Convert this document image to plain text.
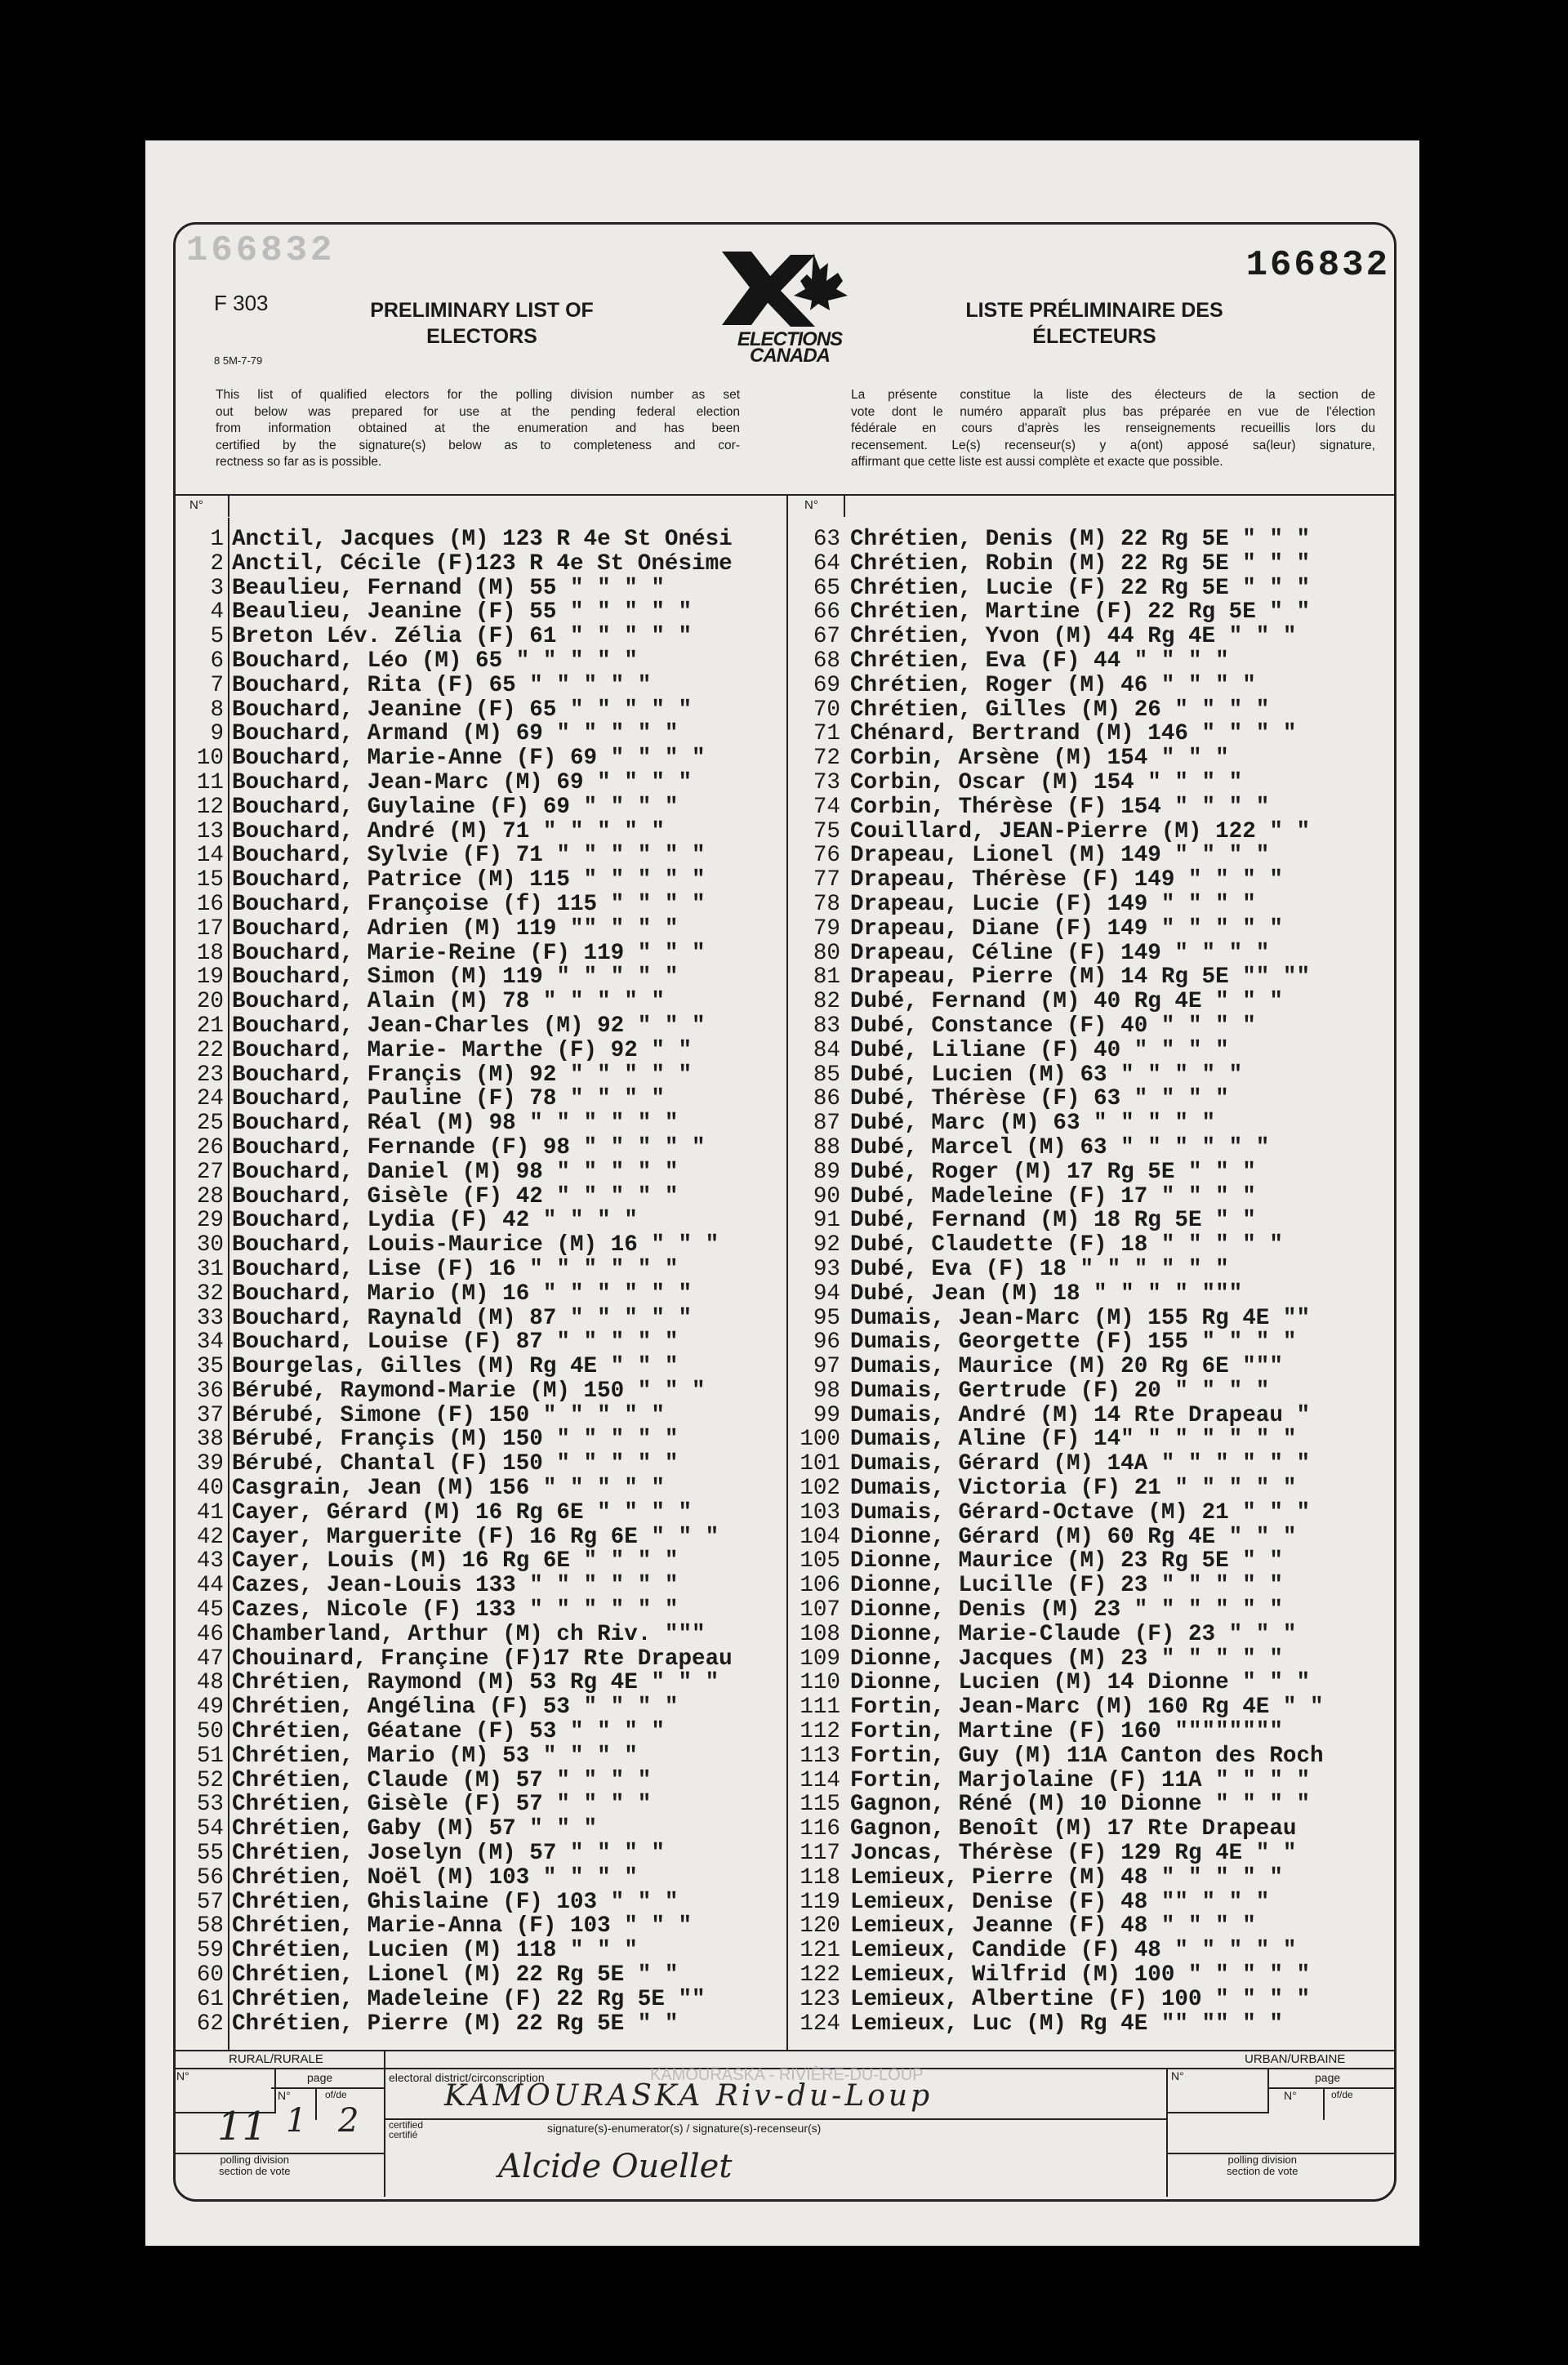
166832	166832
F 303
8 5M-7-79
PRELIMINARY LIST OF
ELECTORS
LISTE PRÉLIMINAIRE DES
ÉLECTEURS
ELECTIONS
CANADA
This list of qualified electors for the polling division number as set
out below was prepared for use at the pending federal election
from information obtained at the enumeration and has been
certified by the signature(s) below as to completeness and cor-
rectness so far as is possible.
La présente constitue la liste des électeurs de la section de
vote dont le numéro apparaît plus bas préparée en vue de l'élection
fédérale en cours d'après les renseignements recueillis lors du
recensement. Le(s) recenseur(s) y a(ont) apposé sa(leur) signature,
affirmant que cette liste est aussi complète et exacte que possible.
N°	N°
1 Anctil, Jacques (M) 123 R 4e St Onési
2 Anctil, Cécile (F)123 R 4e St Onésime
3 Beaulieu, Fernand (M) 55 " " " "
4 Beaulieu, Jeanine (F) 55 " " " " "
5 Breton Lév. Zélia (F) 61 " " " " "
6 Bouchard, Léo (M) 65 " " " " "
7 Bouchard, Rita (F) 65 " " " " "
8 Bouchard, Jeanine (F) 65 " " " " "
9 Bouchard, Armand (M) 69 " " " " "
10 Bouchard, Marie-Anne (F) 69 " " " "
11 Bouchard, Jean-Marc (M) 69 " " " "
12 Bouchard, Guylaine (F) 69 " " " "
13 Bouchard, André (M) 71 " " " " "
14 Bouchard, Sylvie (F) 71 " " " " " "
15 Bouchard, Patrice (M) 115 " " " " "
16 Bouchard, Françoise (f) 115 " " " "
17 Bouchard, Adrien (M) 119 "" " " "
18 Bouchard, Marie-Reine (F) 119 " " "
19 Bouchard, Simon (M) 119 " " " " "
20 Bouchard, Alain (M) 78 " " " " "
21 Bouchard, Jean-Charles (M) 92 " " "
22 Bouchard, Marie- Marthe (F) 92 " "
23 Bouchard, Françis (M) 92 " " " " "
24 Bouchard, Pauline (F) 78 " " " "
25 Bouchard, Réal (M) 98 " " " " " "
26 Bouchard, Fernande (F) 98 " " " " "
27 Bouchard, Daniel (M) 98 " " " " "
28 Bouchard, Gisèle (F) 42 " " " " "
29 Bouchard, Lydia (F) 42 " " " "
30 Bouchard, Louis-Maurice (M) 16 " " "
31 Bouchard, Lise (F) 16 " " " " " "
32 Bouchard, Mario (M) 16 " " " " " "
33 Bouchard, Raynald (M) 87 " " " " "
34 Bouchard, Louise (F) 87 " " " " "
35 Bourgelas, Gilles (M) Rg 4E " " "
36 Bérubé, Raymond-Marie (M) 150 " " "
37 Bérubé, Simone (F) 150 " " " " "
38 Bérubé, Françis (M) 150 " " " " "
39 Bérubé, Chantal (F) 150 " " " " "
40 Casgrain, Jean (M) 156 " " " " "
41 Cayer, Gérard (M) 16 Rg 6E " " " "
42 Cayer, Marguerite (F) 16 Rg 6E " " "
43 Cayer, Louis (M) 16 Rg 6E " " " "
44 Cazes, Jean-Louis 133 " " " " " "
45 Cazes, Nicole (F) 133 " " " " " "
46 Chamberland, Arthur (M) ch Riv. """
47 Chouinard, Françine (F)17 Rte Drapeau
48 Chrétien, Raymond (M) 53 Rg 4E " " "
49 Chrétien, Angélina (F) 53 " " " "
50 Chrétien, Géatane (F) 53 " " " "
51 Chrétien, Mario (M) 53 " " " "
52 Chrétien, Claude (M) 57 " " " "
53 Chrétien, Gisèle (F) 57 " " " "
54 Chrétien, Gaby (M) 57 " " "
55 Chrétien, Joselyn (M) 57 " " " "
56 Chrétien, Noël (M) 103 " " " "
57 Chrétien, Ghislaine (F) 103 " " "
58 Chrétien, Marie-Anna (F) 103 " " "
59 Chrétien, Lucien (M) 118 " " "
60 Chrétien, Lionel (M) 22 Rg 5E " "
61 Chrétien, Madeleine (F) 22 Rg 5E ""
62 Chrétien, Pierre (M) 22 Rg 5E " "
63 Chrétien, Denis (M) 22 Rg 5E " " "
64 Chrétien, Robin (M) 22 Rg 5E " " "
65 Chrétien, Lucie (F) 22 Rg 5E " " "
66 Chrétien, Martine (F) 22 Rg 5E " "
67 Chrétien, Yvon (M) 44 Rg 4E " " "
68 Chrétien, Eva (F) 44 " " " "
69 Chrétien, Roger (M) 46 " " " "
70 Chrétien, Gilles (M) 26 " " " "
71 Chénard, Bertrand (M) 146 " " " "
72 Corbin, Arsène (M) 154 " " "
73 Corbin, Oscar (M) 154 " " " "
74 Corbin, Thérèse (F) 154 " " " "
75 Couillard, JEAN-Pierre (M) 122 " "
76 Drapeau, Lionel (M) 149 " " " "
77 Drapeau, Thérèse (F) 149 " " " "
78 Drapeau, Lucie (F) 149 " " " "
79 Drapeau, Diane (F) 149 " " " " "
80 Drapeau, Céline (F) 149 " " " "
81 Drapeau, Pierre (M) 14 Rg 5E "" ""
82 Dubé, Fernand (M) 40 Rg 4E " " "
83 Dubé, Constance (F) 40 " " " "
84 Dubé, Liliane (F) 40 " " " "
85 Dubé, Lucien (M) 63 " " " " "
86 Dubé, Thérèse (F) 63 " " " "
87 Dubé, Marc (M) 63 " " " " "
88 Dubé, Marcel (M) 63 " " " " " "
89 Dubé, Roger (M) 17 Rg 5E " " "
90 Dubé, Madeleine (F) 17 " " " "
91 Dubé, Fernand (M) 18 Rg 5E " "
92 Dubé, Claudette (F) 18 " " " " "
93 Dubé, Eva (F) 18 " " " " " "
94 Dubé, Jean (M) 18 " " " " """
95 Dumais, Jean-Marc (M) 155 Rg 4E ""
96 Dumais, Georgette (F) 155 " " " "
97 Dumais, Maurice (M) 20 Rg 6E """
98 Dumais, Gertrude (F) 20 " " " "
99 Dumais, André (M) 14 Rte Drapeau "
100 Dumais, Aline (F) 14" " " " " " "
101 Dumais, Gérard (M) 14A " " " " " "
102 Dumais, Victoria (F) 21 " " " " "
103 Dumais, Gérard-Octave (M) 21 " " "
104 Dionne, Gérard (M) 60 Rg 4E " " "
105 Dionne, Maurice (M) 23 Rg 5E " "
106 Dionne, Lucille (F) 23 " " " " "
107 Dionne, Denis (M) 23 " " " " " "
108 Dionne, Marie-Claude (F) 23 " " "
109 Dionne, Jacques (M) 23 " " " " "
110 Dionne, Lucien (M) 14 Dionne " " "
111 Fortin, Jean-Marc (M) 160 Rg 4E " "
112 Fortin, Martine (F) 160 """"""""
113 Fortin, Guy (M) 11A Canton des Roch
114 Fortin, Marjolaine (F) 11A " " " "
115 Gagnon, Réné (M) 10 Dionne " " " "
116 Gagnon, Benoît (M) 17 Rte Drapeau
117 Joncas, Thérèse (F) 129 Rg 4E " "
118 Lemieux, Pierre (M) 48 " " " " "
119 Lemieux, Denise (F) 48 "" " " "
120 Lemieux, Jeanne (F) 48 " " " "
121 Lemieux, Candide (F) 48 " " " " "
122 Lemieux, Wilfrid (M) 100 " " " " "
123 Lemieux, Albertine (F) 100 " " " "
124 Lemieux, Luc (M) Rg 4E "" "" " "
RURAL/RURALE	URBAN/URBAINE
electoral district/circonscription	KAMOURASKA - RIVIÈRE-DU-LOUP
KAMOURASKA Riv-du-Loup
certified
certifié	signature(s)-enumerator(s) / signature(s)-recenseur(s)
Alcide Ouellet
N°	page
N°	of/de
11 1 2
polling division
section de vote
N°	page
N°	of/de
polling division
section de vote
